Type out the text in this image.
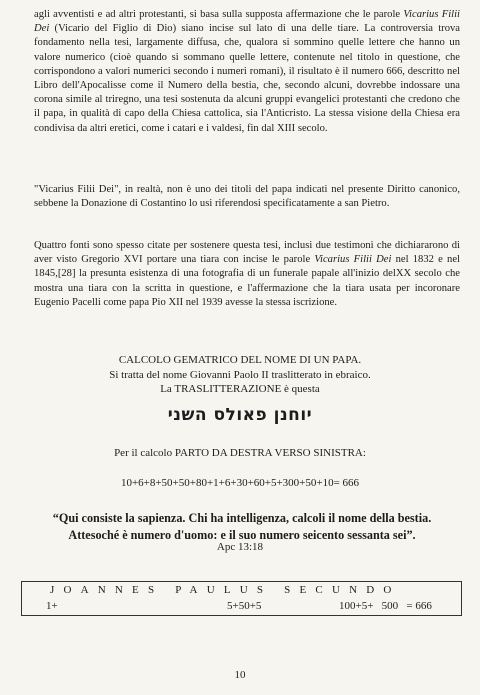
agli avventisti e ad altri protestanti, si basa sulla supposta affermazione che le parole Vicarius Filii Dei (Vicario del Figlio di Dio) siano incise sul lato di una delle tiare. La controversia trova fondamento nella tesi, largamente diffusa, che, qualora si sommino quelle lettere che hanno un valore numerico (cioè quando si sommano quelle lettere, contenute nel titolo in questione, che corrispondono a valori numerici secondo i numeri romani), il risultato è il numero 666, descritto nel Libro dell'Apocalisse come il Numero della bestia, che, secondo alcuni, dovrebbe indossare una corona simile al triregno, una tesi sostenuta da alcuni gruppi evangelici protestanti che credono che il papa, in qualità di capo della Chiesa cattolica, sia l'Anticristo. La stessa visione della Chiesa era condivisa da altri eretici, come i catari e i valdesi, fin dal XIII secolo.

"Vicarius Filii Dei", in realtà, non è uno dei titoli del papa indicati nel presente Diritto canonico, sebbene la Donazione di Costantino lo usi riferendosi specificatamente a san Pietro.

Quattro fonti sono spesso citate per sostenere questa tesi, inclusi due testimoni che dichiararono di aver visto Gregorio XVI portare una tiara con incise le parole Vicarius Filii Dei nel 1832 e nel 1845,[28] la presunta esistenza di una fotografia di un funerale papale all'inizio delXX secolo che mostra una tiara con la scritta in questione, e l'affermazione che la tiara usata per incoronare Eugenio Pacelli come papa Pio XII nel 1939 avesse la stessa iscrizione.

CALCOLO GEMATRICO DEL NOME DI UN PAPA.
Si tratta del nome Giovanni Paolo II traslitterato in ebraico.
La TRASLITTERAZIONE è questa
יוחנן פאולס השני
Per il calcolo PARTO DA DESTRA VERSO SINISTRA:
10+6+8+50+50+80+1+6+30+60+5+300+50+10= 666
“Qui consiste la sapienza. Chi ha intelligenza, calcoli il nome della bestia.
Attesoché è numero d'uomo: e il suo numero seicento sessanta sei”.
Apc 13:18
JOANNES PAULUS SECUNDO
1+	5+50+5	100+5+   500   = 666
10
